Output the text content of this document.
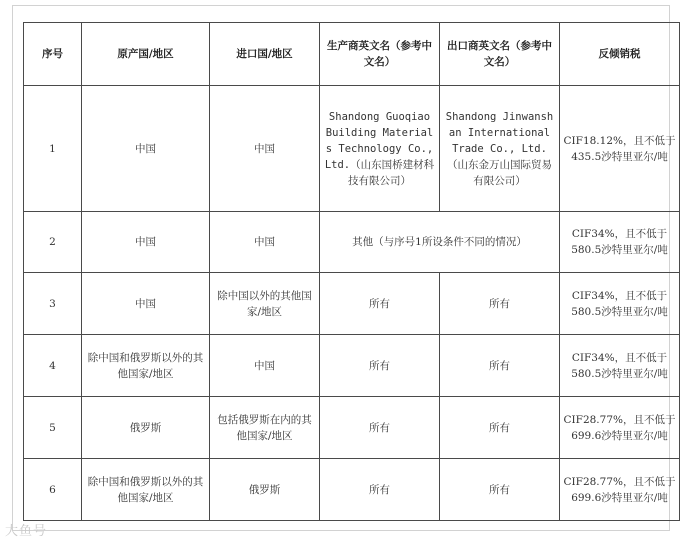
序号	原产国/地区	进口国/地区	生产商英文名（参考中文名）	出口商英文名（参考中文名）	反倾销税
1	中国	中国	Shandong Guoqiao Building Materials Technology Co., Ltd.（山东国桥建材科技有限公司）	Shandong Jinwanshan International Trade Co., Ltd.（山东金万山国际贸易有限公司）	CIF18.12%，且不低于435.5沙特里亚尔/吨
2	中国	中国	其他（与序号1所设条件不同的情况）		CIF34%，且不低于580.5沙特里亚尔/吨
3	中国	除中国以外的其他国家/地区	所有	所有	CIF34%，且不低于580.5沙特里亚尔/吨
4	除中国和俄罗斯以外的其他国家/地区	中国	所有	所有	CIF34%，且不低于580.5沙特里亚尔/吨
5	俄罗斯	包括俄罗斯在内的其他国家/地区	所有	所有	CIF28.77%，且不低于699.6沙特里亚尔/吨
6	除中国和俄罗斯以外的其他国家/地区	俄罗斯	所有	所有	CIF28.77%，且不低于699.6沙特里亚尔/吨
大鱼号
